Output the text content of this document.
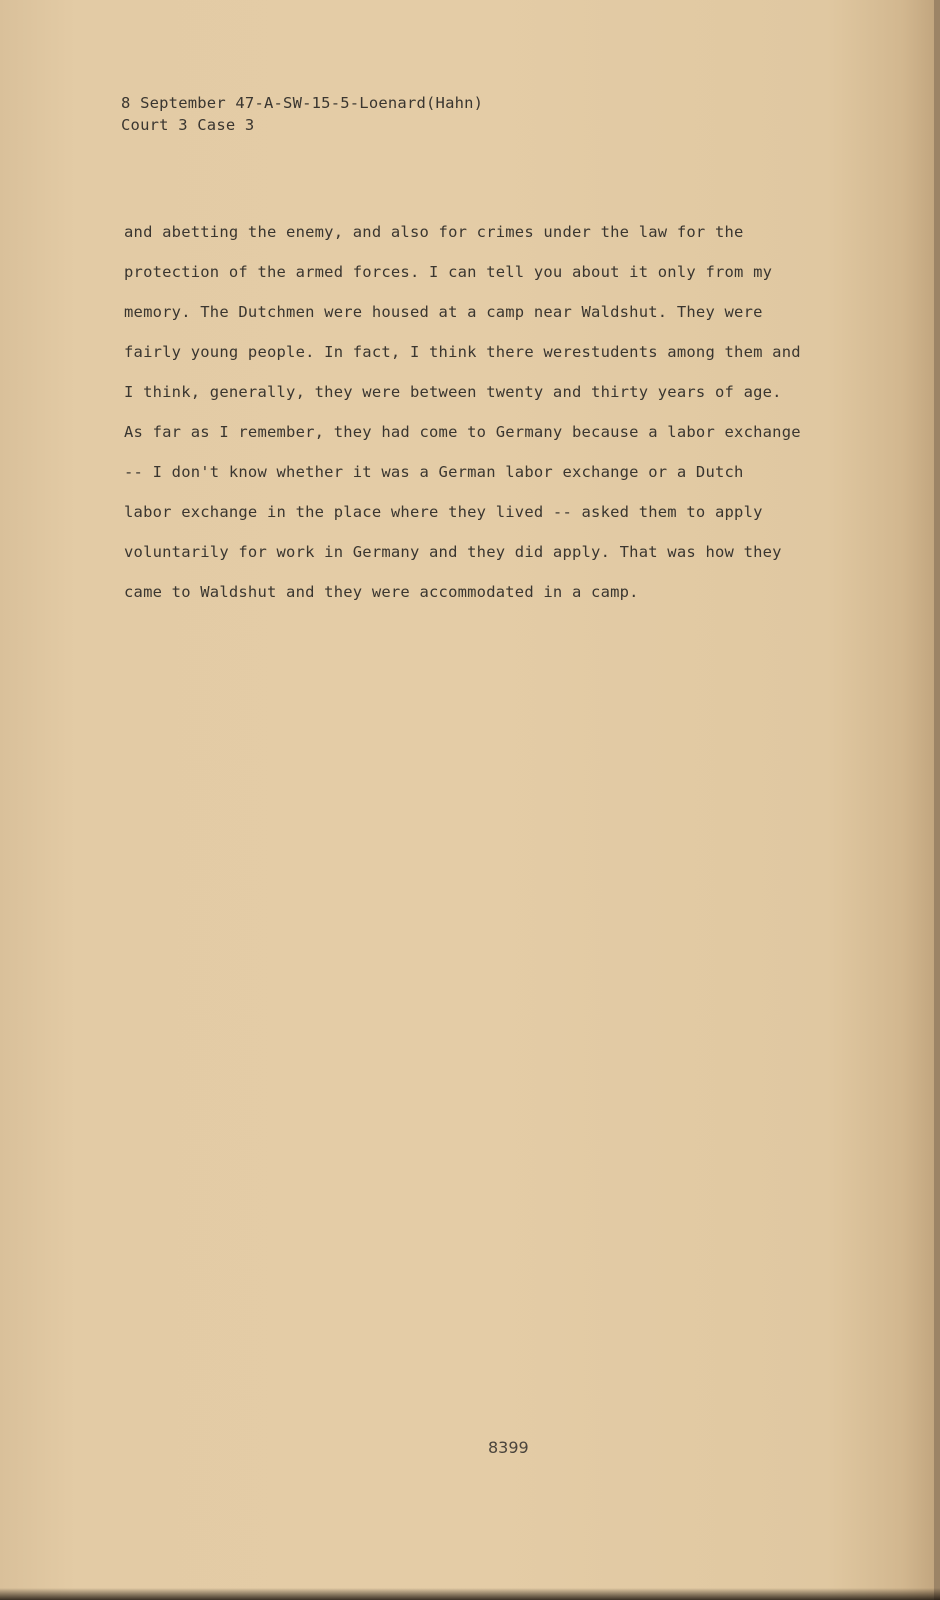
8 September 47-A-SW-15-5-Loenard(Hahn)
Court 3 Case 3
and abetting the enemy, and also for crimes under the law for the
protection of the armed forces. I can tell you about it only from my
memory. The Dutchmen were housed at a camp near Waldshut. They were
fairly young people. In fact, I think there werestudents among them and
I think, generally, they were between twenty and thirty years of age.
As far as I remember, they had come to Germany because a labor exchange
-- I don't know whether it was a German labor exchange or a Dutch
labor exchange in the place where they lived -- asked them to apply
voluntarily for work in Germany and they did apply. That was how they
came to Waldshut and they were accommodated in a camp.
8399
